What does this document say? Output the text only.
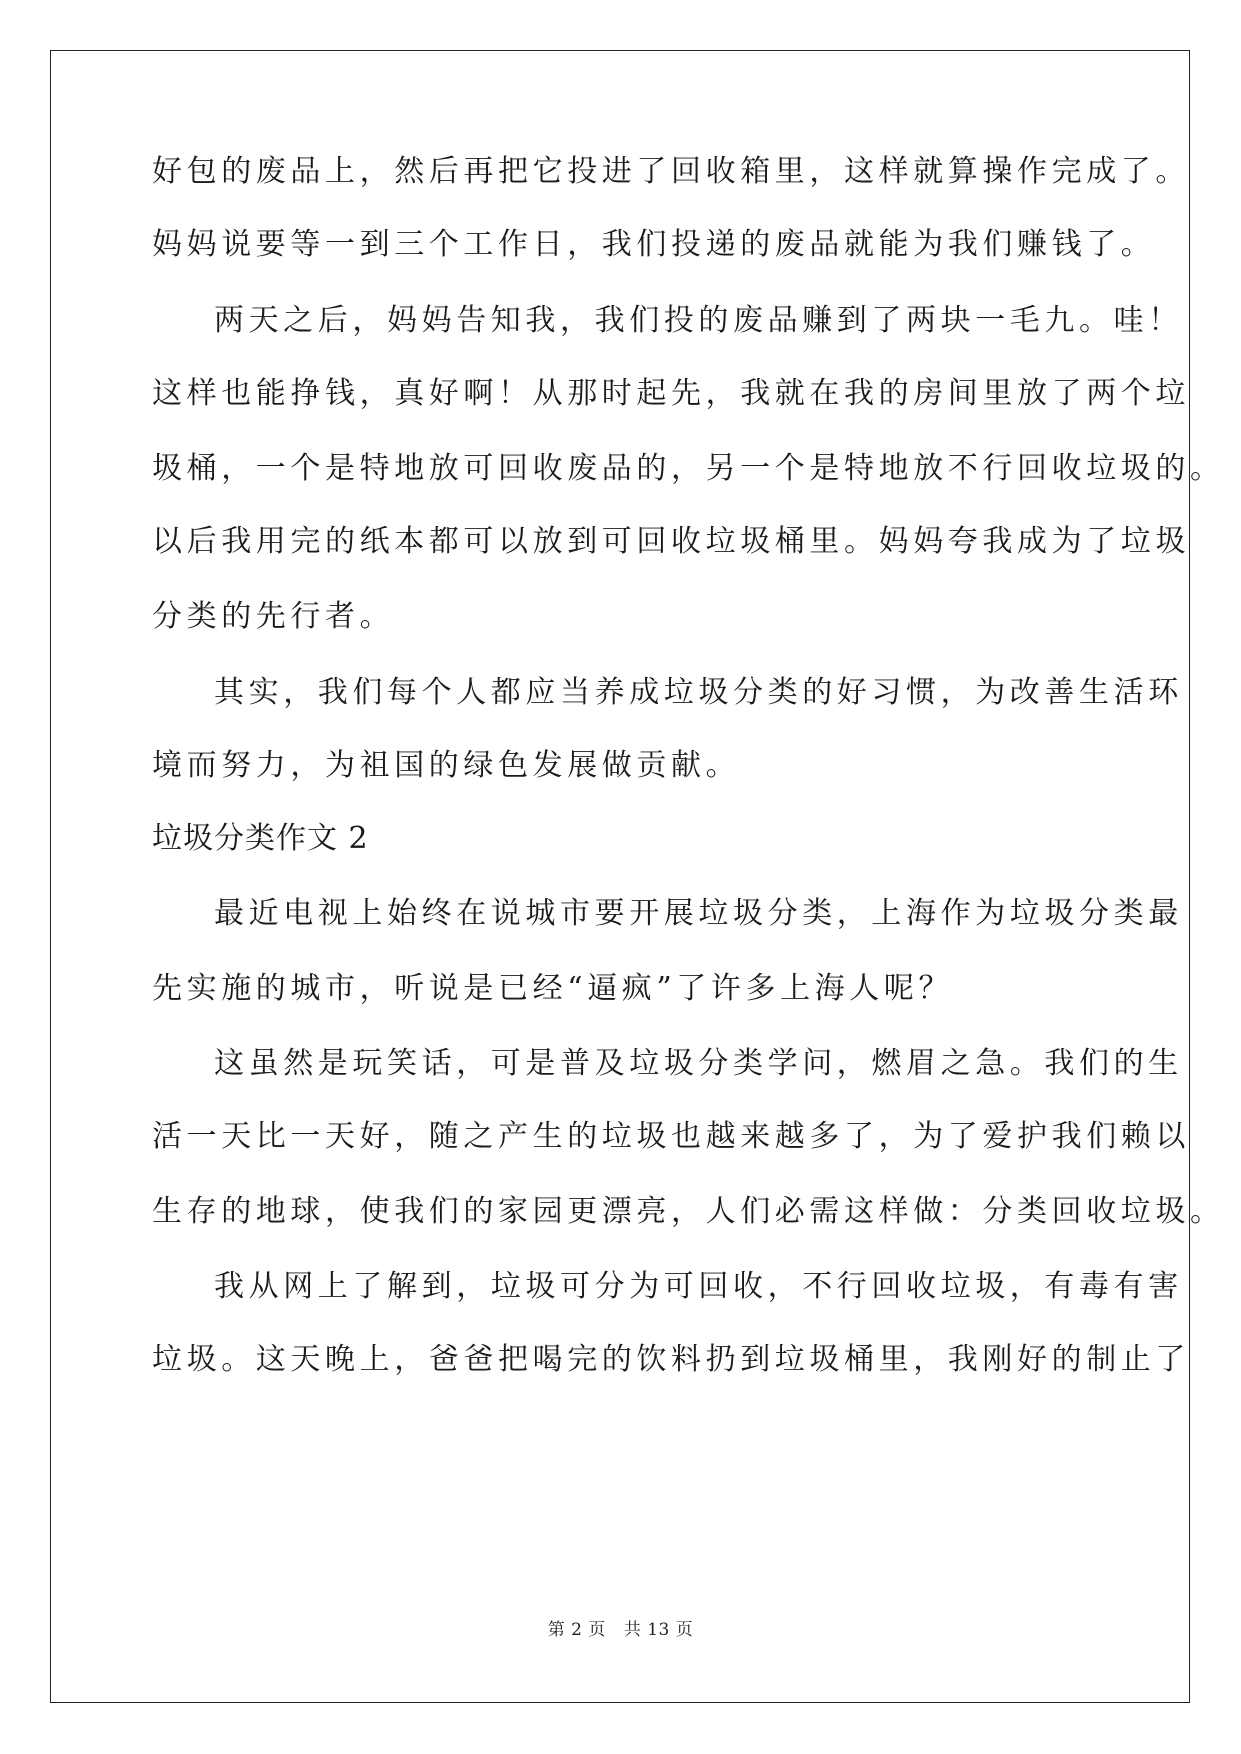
好包的废品上，然后再把它投进了回收箱里，这样就算操作完成了。
妈妈说要等一到三个工作日，我们投递的废品就能为我们赚钱了。
两天之后，妈妈告知我，我们投的废品赚到了两块一毛九。哇！
这样也能挣钱，真好啊！从那时起先，我就在我的房间里放了两个垃
圾桶，一个是特地放可回收废品的，另一个是特地放不行回收垃圾的。
以后我用完的纸本都可以放到可回收垃圾桶里。妈妈夸我成为了垃圾
分类的先行者。
其实，我们每个人都应当养成垃圾分类的好习惯，为改善生活环
境而努力，为祖国的绿色发展做贡献。
垃圾分类作文 2
最近电视上始终在说城市要开展垃圾分类，上海作为垃圾分类最
先实施的城市，听说是已经“逼疯”了许多上海人呢？
这虽然是玩笑话，可是普及垃圾分类学问，燃眉之急。我们的生
活一天比一天好，随之产生的垃圾也越来越多了，为了爱护我们赖以
生存的地球，使我们的家园更漂亮，人们必需这样做：分类回收垃圾。
我从网上了解到，垃圾可分为可回收，不行回收垃圾，有毒有害
垃圾。这天晚上，爸爸把喝完的饮料扔到垃圾桶里，我刚好的制止了
第 2 页 共 13 页
